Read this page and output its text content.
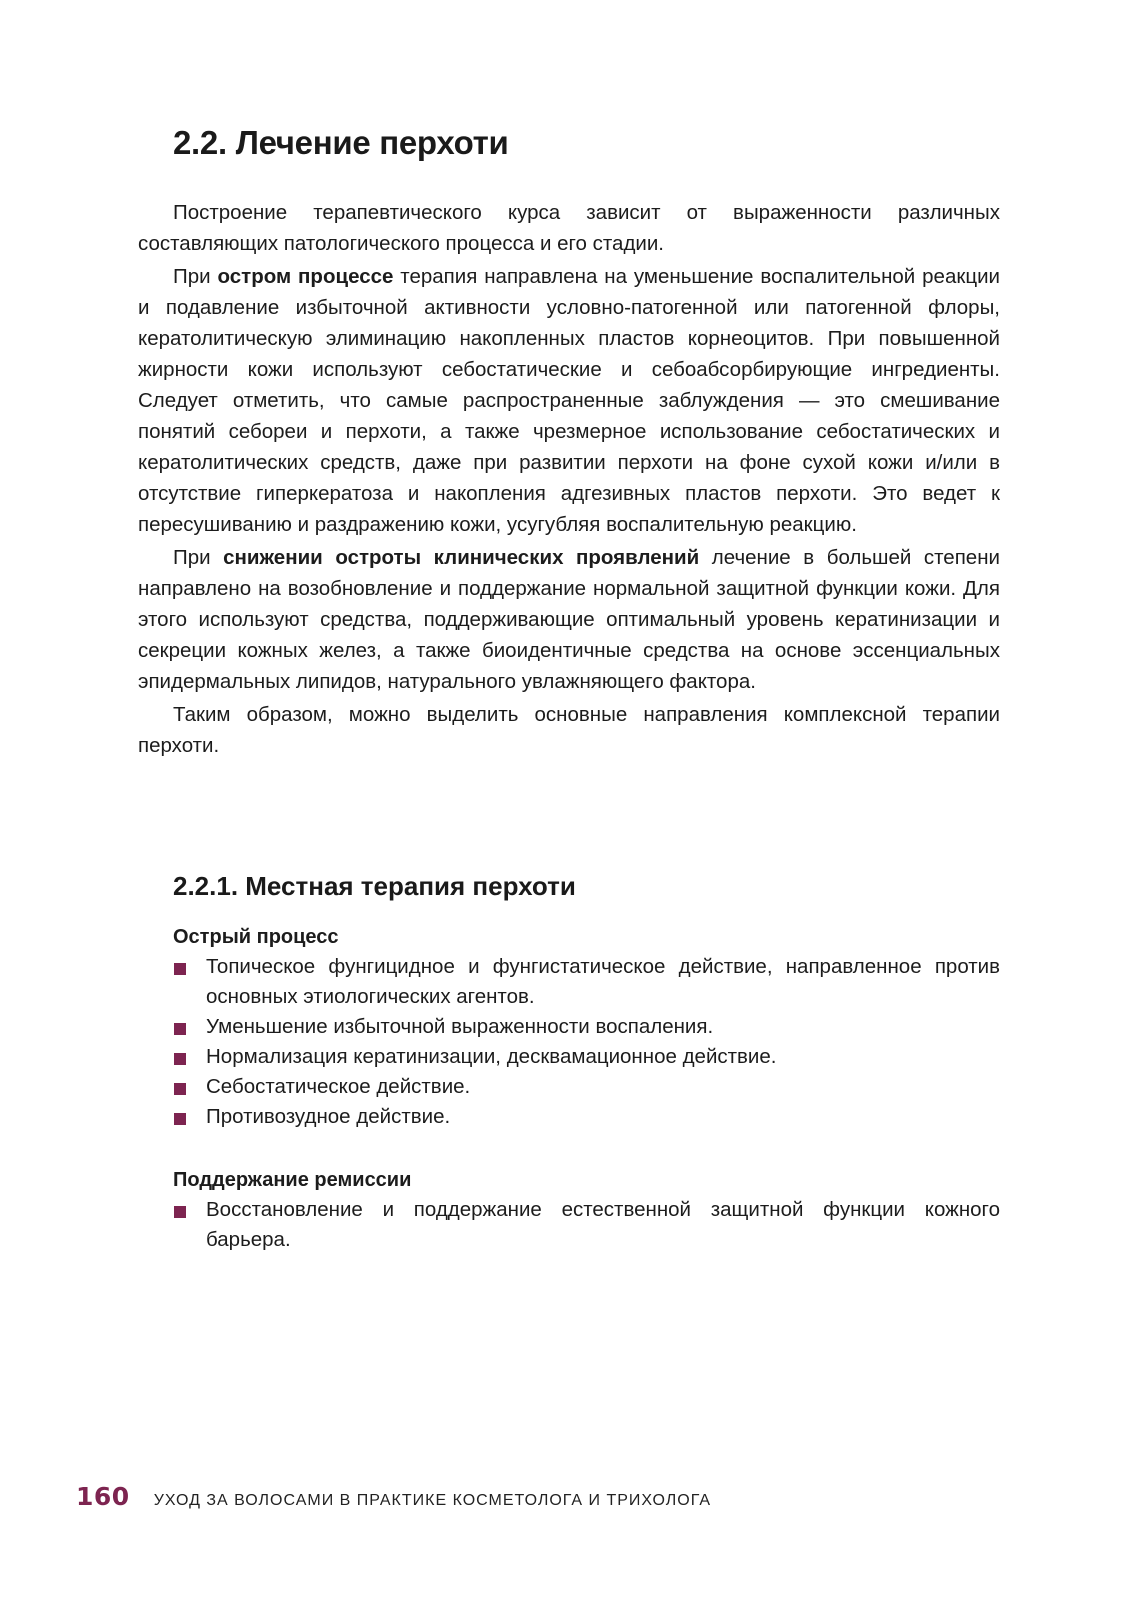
2.2. Лечение перхоти

Построение терапевтического курса зависит от выраженности различных составляющих патологического процесса и его стадии.

При остром процессе терапия направлена на уменьшение воспалительной реакции и подавление избыточной активности условно-патогенной или патогенной флоры, кератолитическую элиминацию накопленных пластов корнеоцитов. При повышенной жирности кожи используют себостатические и себоабсорбирующие ингредиенты. Следует отметить, что самые распространенные заблуждения — это смешивание понятий себореи и перхоти, а также чрезмерное использование себостатических и кератолитических средств, даже при развитии перхоти на фоне сухой кожи и/или в отсутствие гиперкератоза и накопления адгезивных пластов перхоти. Это ведет к пересушиванию и раздражению кожи, усугубляя воспалительную реакцию.

При снижении остроты клинических проявлений лечение в большей степени направлено на возобновление и поддержание нормальной защитной функции кожи. Для этого используют средства, поддерживающие оптимальный уровень кератинизации и секреции кожных желез, а также биоидентичные средства на основе эссенциальных эпидермальных липидов, натурального увлажняющего фактора.

Таким образом, можно выделить основные направления комплексной терапии перхоти.

2.2.1. Местная терапия перхоти
Острый процесс
Топическое фунгицидное и фунгистатическое действие, направленное против основных этиологических агентов.
Уменьшение избыточной выраженности воспаления.
Нормализация кератинизации, десквамационное действие.
Себостатическое действие.
Противозудное действие.
Поддержание ремиссии
Восстановление и поддержание естественной защитной функции кожного барьера.
160 УХОД ЗА ВОЛОСАМИ В ПРАКТИКЕ КОСМЕТОЛОГА И ТРИХОЛОГА
